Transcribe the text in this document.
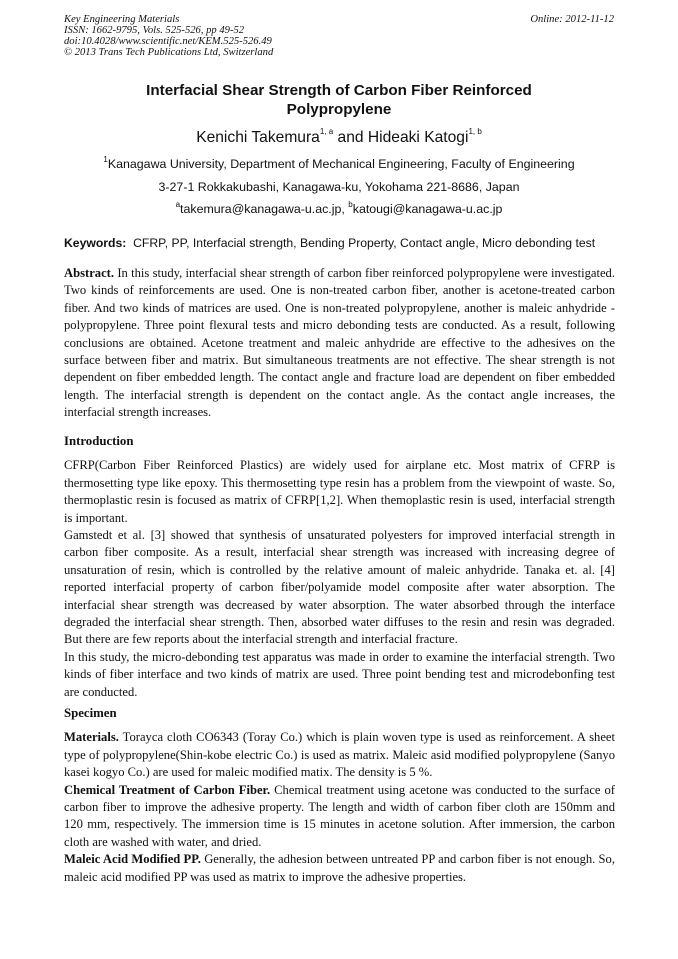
Key Engineering Materials
ISSN: 1662-9795, Vols. 525-526, pp 49-52
doi:10.4028/www.scientific.net/KEM.525-526.49
© 2013 Trans Tech Publications Ltd, Switzerland
Online: 2012-11-12
Interfacial Shear Strength of Carbon Fiber Reinforced
Polypropylene
Kenichi Takemura$^{1, a}$ and Hideaki Katogi$^{1, b}$
$^1$Kanagawa University, Department of Mechanical Engineering, Faculty of Engineering
3-27-1 Rokkakubashi, Kanagawa-ku, Yokohama 221-8686, Japan
$^a$takemura@kanagawa-u.ac.jp, $^b$katougi@kanagawa-u.ac.jp
Keywords:  CFRP, PP, Interfacial strength, Bending Property, Contact angle, Micro debonding test

Abstract. In this study, interfacial shear strength of carbon fiber reinforced polypropylene were investigated. Two kinds of reinforcements are used. One is non-treated carbon fiber, another is acetone-treated carbon fiber. And two kinds of matrices are used. One is non-treated polypropylene, another is maleic anhydride -polypropylene. Three point flexural tests and micro debonding tests are conducted. As a result, following conclusions are obtained. Acetone treatment and maleic anhydride are effective to the adhesives on the surface between fiber and matrix. But simultaneous treatments are not effective. The shear strength is not dependent on fiber embedded length. The contact angle and fracture load are dependent on fiber embedded length. The interfacial strength is dependent on the contact angle. As the contact angle increases, the interfacial strength increases.

Introduction

CFRP(Carbon Fiber Reinforced Plastics) are widely used for airplane etc. Most matrix of CFRP is thermosetting type like epoxy. This thermosetting type resin has a problem from the viewpoint of waste. So, thermoplastic resin is focused as matrix of CFRP[1,2]. When themoplastic resin is used, interfacial strength is important.

Gamstedt et al. [3] showed that synthesis of unsaturated polyesters for improved interfacial strength in carbon fiber composite. As a result, interfacial shear strength was increased with increasing degree of unsaturation of resin, which is controlled by the relative amount of maleic anhydride. Tanaka et. al. [4] reported interfacial property of carbon fiber/polyamide model composite after water absorption. The interfacial shear strength was decreased by water absorption. The water absorbed through the interface degraded the interfacial shear strength. Then, absorbed water diffuses to the resin and resin was degraded. But there are few reports about the interfacial strength and interfacial fracture.

In this study, the micro-debonding test apparatus was made in order to examine the interfacial strength. Two kinds of fiber interface and two kinds of matrix are used. Three point bending test and microdebonfing test are conducted.

Specimen

Materials. Torayca cloth CO6343 (Toray Co.) which is plain woven type is used as reinforcement. A sheet type of polypropylene(Shin-kobe electric Co.) is used as matrix. Maleic asid modified polypropylene (Sanyo kasei kogyo Co.) are used for maleic modified matix. The density is 5 %.

Chemical Treatment of Carbon Fiber. Chemical treatment using acetone was conducted to the surface of carbon fiber to improve the adhesive property. The length and width of carbon fiber cloth are 150mm and 120 mm, respectively. The immersion time is 15 minutes in acetone solution. After immersion, the carbon cloth are washed with water, and dried.

Maleic Acid Modified PP. Generally, the adhesion between untreated PP and carbon fiber is not enough. So, maleic acid modified PP was used as matrix to improve the adhesive properties.
